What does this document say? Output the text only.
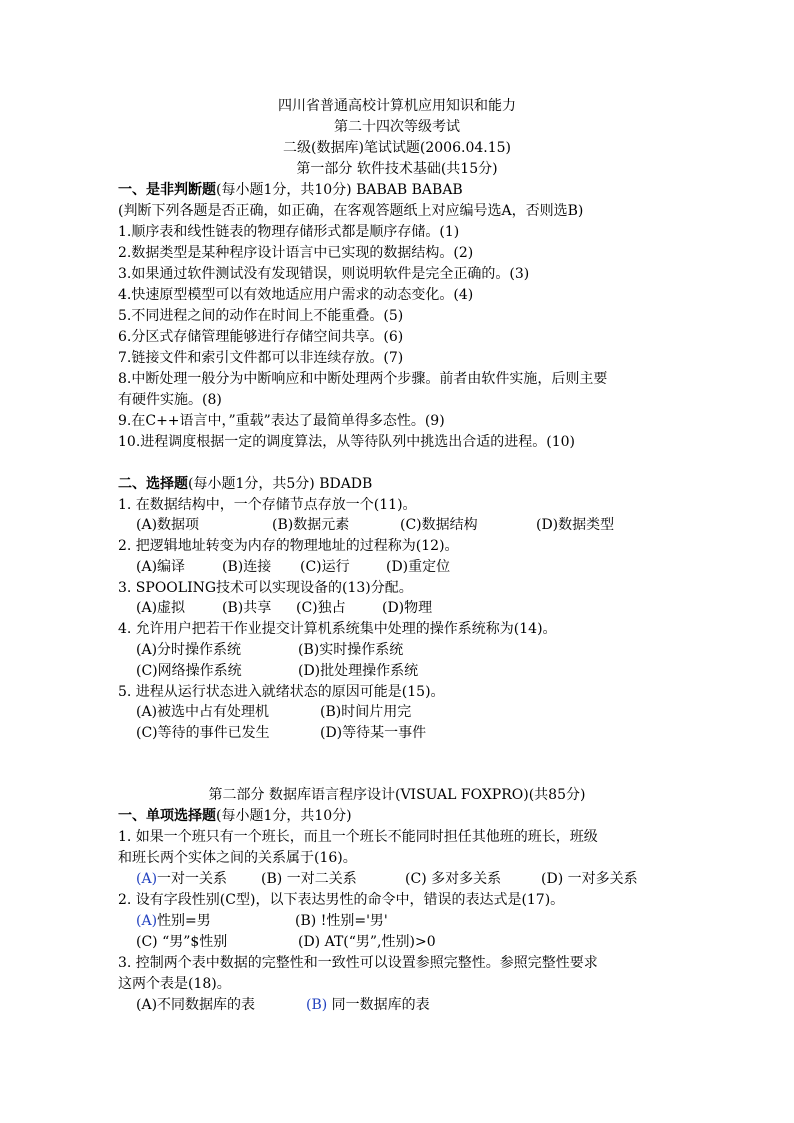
四川省普通高校计算机应用知识和能力
第二十四次等级考试
二级(数据库)笔试试题(2006.04.15)
第一部分 软件技术基础(共15分)
一、是非判断题(每小题1分，共10分) BABAB BABAB
(判断下列各题是否正确，如正确，在客观答题纸上对应编号选A，否则选B)
1.顺序表和线性链表的物理存储形式都是顺序存储。(1)
2.数据类型是某种程序设计语言中已实现的数据结构。(2)
3.如果通过软件测试没有发现错误，则说明软件是完全正确的。(3)
4.快速原型模型可以有效地适应用户需求的动态变化。(4)
5.不同进程之间的动作在时间上不能重叠。(5)
6.分区式存储管理能够进行存储空间共享。(6)
7.链接文件和索引文件都可以非连续存放。(7)
8.中断处理一般分为中断响应和中断处理两个步骤。前者由软件实施，后则主要
有硬件实施。(8)
9.在C++语言中，”重载”表达了最简单得多态性。(9)
10.进程调度根据一定的调度算法，从等待队列中挑选出合适的进程。(10)
二、选择题(每小题1分，共5分) BDADB
1. 在数据结构中，一个存储节点存放一个(11)。
(A)数据项	(B)数据元素	(C)数据结构	(D)数据类型
2. 把逻辑地址转变为内存的物理地址的过程称为(12)。
(A)编译	(B)连接 (C)运行	(D)重定位
3. SPOOLING技术可以实现设备的(13)分配。
(A)虚拟	(B)共享 (C)独占	(D)物理
4. 允许用户把若干作业提交计算机系统集中处理的操作系统称为(14)。
(A)分时操作系统	(B)实时操作系统
(C)网络操作系统	(D)批处理操作系统
5. 进程从运行状态进入就绪状态的原因可能是(15)。
(A)被选中占有处理机	(B)时间片用完
(C)等待的事件已发生	(D)等待某一事件
第二部分 数据库语言程序设计(VISUAL FOXPRO)(共85分)
一、单项选择题(每小题1分，共10分)
1. 如果一个班只有一个班长，而且一个班长不能同时担任其他班的班长，班级
和班长两个实体之间的关系属于(16)。
(A)一对一关系 (B) 一对二关系	(C) 多对多关系	(D) 一对多关系
2. 设有字段性别(C型)，以下表达男性的命令中，错误的表达式是(17)。
(A)性别=男	(B) !性别='男'
(C) “男”$性别	(D) AT(“男”,性别)>0
3. 控制两个表中数据的完整性和一致性可以设置参照完整性。参照完整性要求
这两个表是(18)。
(A)不同数据库的表	(B) 同一数据库的表
